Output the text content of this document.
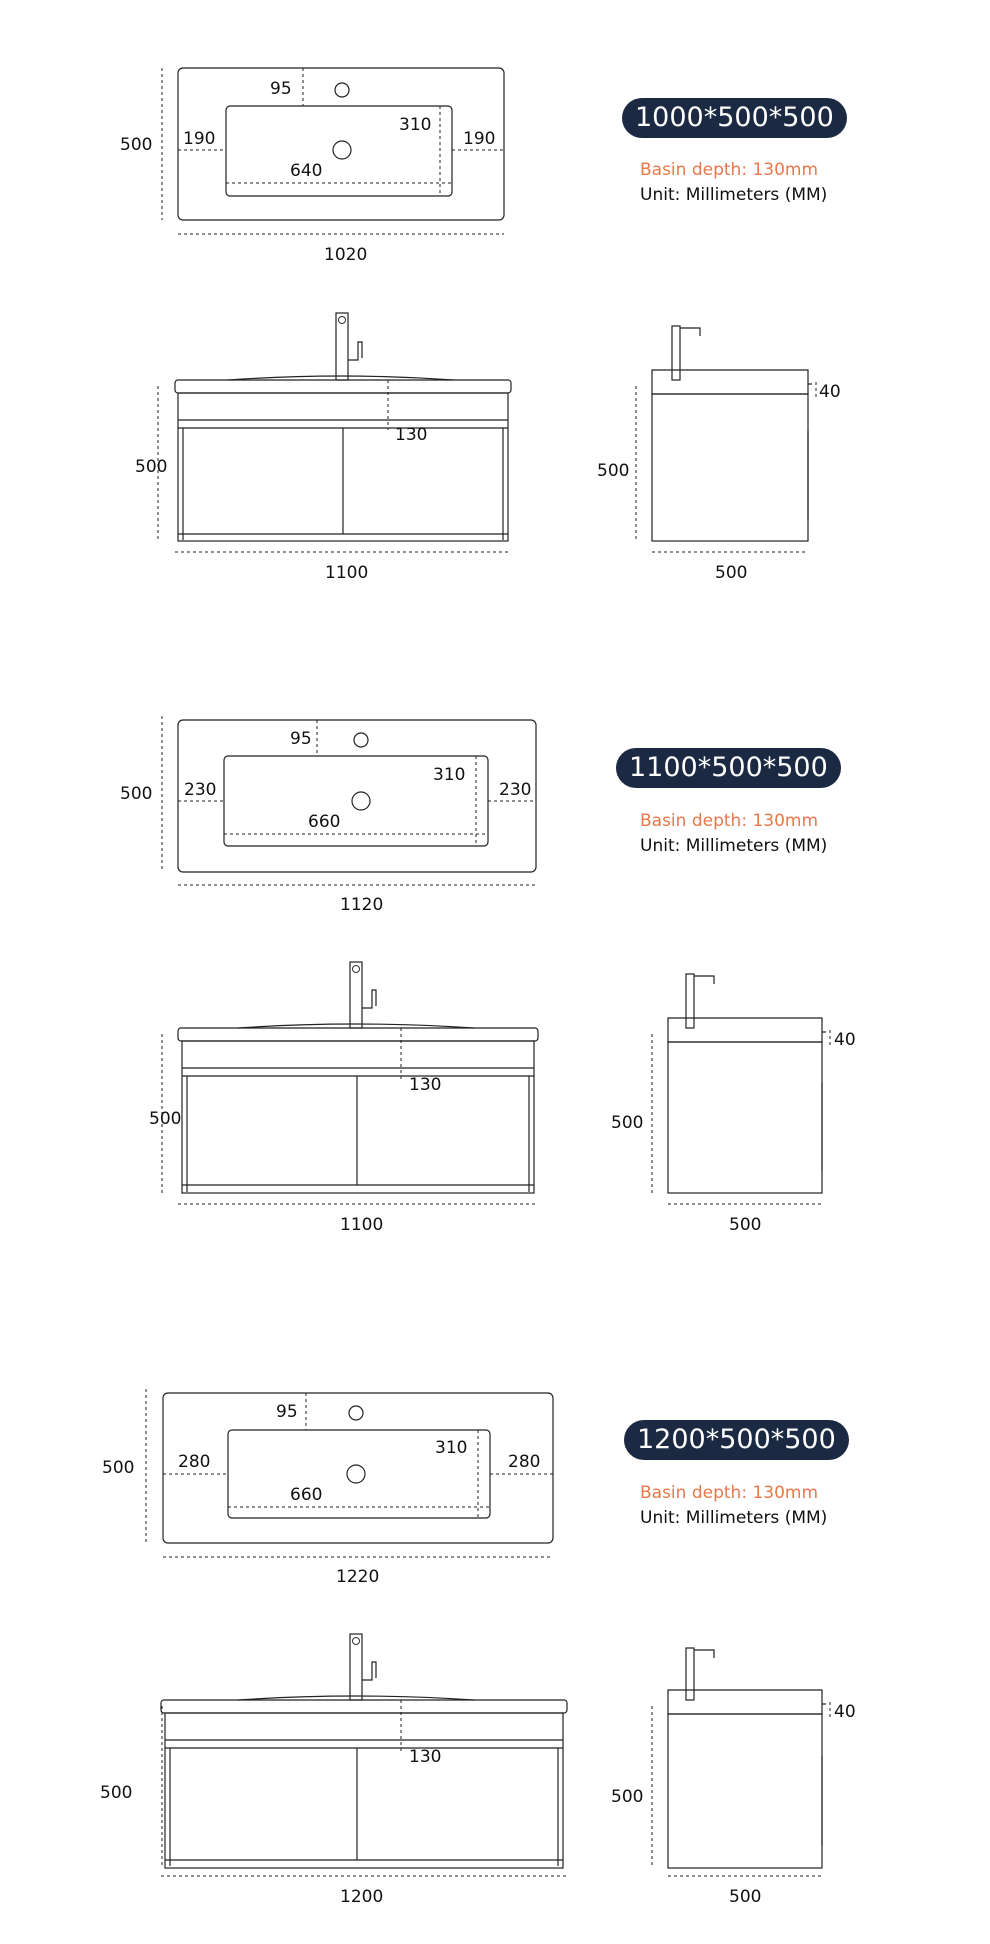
500 190	190
95
310
640
1020
500
130
1100
500
500
40
1000*500*500
Basin depth: 130mm
Unit: Millimeters (MM)
500 230	230
95
310
660
1120
500
130
1100
500
500
40
1100*500*500
Basin depth: 130mm
Unit: Millimeters (MM)
500	280	280
95
310
660
1220
500
130
1200
500
500
40
1200*500*500
Basin depth: 130mm
Unit: Millimeters (MM)
